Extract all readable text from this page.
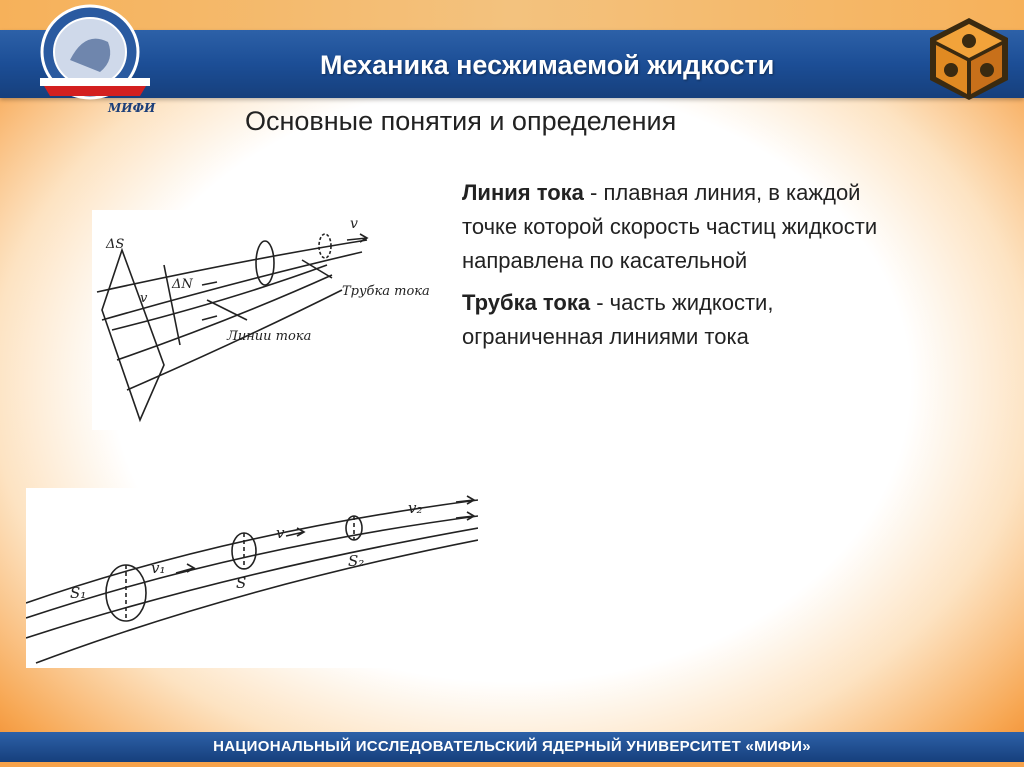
МИФИ
Механика несжимаемой жидкости
Основные понятия и определения

Линия тока - плавная линия, в каждой точке которой скорость частиц жидкости направлена по касательной

Трубка тока - часть жидкости, ограниченная линиями тока

ΔS
v
v
ΔN	Трубка тока
Линии тока
S₁
v₁
S
v
S₂
v₂
НАЦИОНАЛЬНЫЙ ИССЛЕДОВАТЕЛЬСКИЙ ЯДЕРНЫЙ УНИВЕРСИТЕТ «МИФИ»
